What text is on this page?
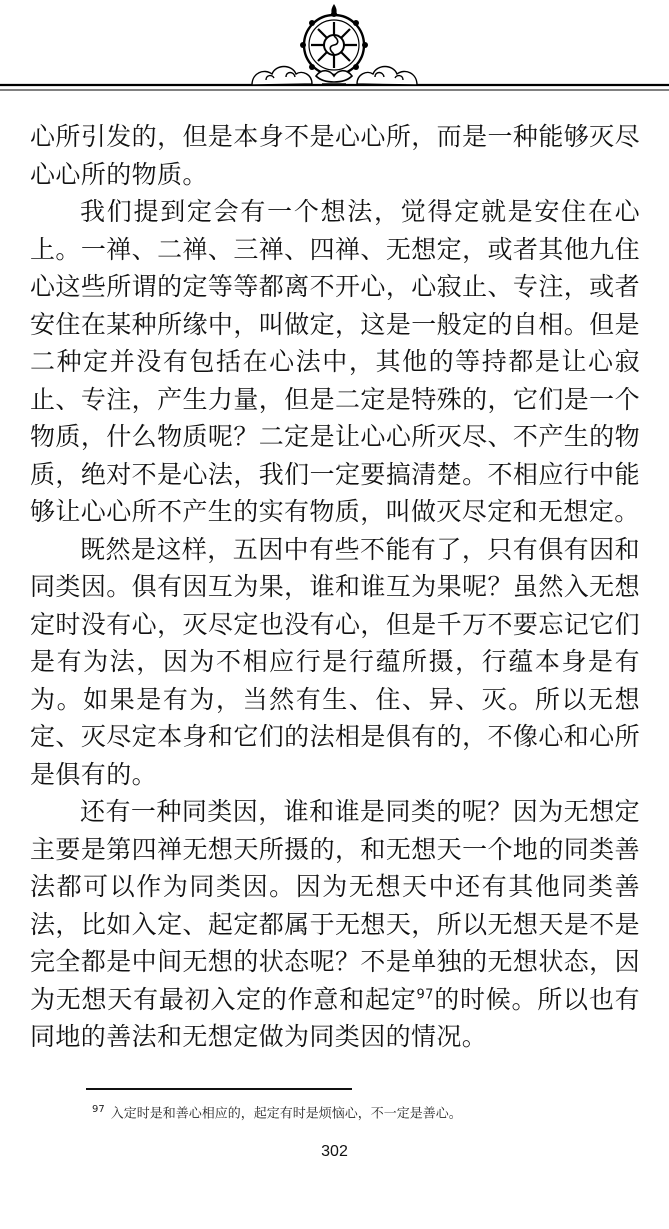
心所引发的，但是本身不是心心所，而是一种能够灭尽心心所的物质。

我们提到定会有一个想法，觉得定就是安住在心上。一禅、二禅、三禅、四禅、无想定，或者其他九住心这些所谓的定等等都离不开心，心寂止、专注，或者安住在某种所缘中，叫做定，这是一般定的自相。但是二种定并没有包括在心法中，其他的等持都是让心寂止、专注，产生力量，但是二定是特殊的，它们是一个物质，什么物质呢？二定是让心心所灭尽、不产生的物质，绝对不是心法，我们一定要搞清楚。不相应行中能够让心心所不产生的实有物质，叫做灭尽定和无想定。

既然是这样，五因中有些不能有了，只有俱有因和同类因。俱有因互为果，谁和谁互为果呢？虽然入无想定时没有心，灭尽定也没有心，但是千万不要忘记它们是有为法，因为不相应行是行蕴所摄，行蕴本身是有为。如果是有为，当然有生、住、异、灭。所以无想定、灭尽定本身和它们的法相是俱有的，不像心和心所是俱有的。

还有一种同类因，谁和谁是同类的呢？因为无想定主要是第四禅无想天所摄的，和无想天一个地的同类善法都可以作为同类因。因为无想天中还有其他同类善法，比如入定、起定都属于无想天，所以无想天是不是完全都是中间无想的状态呢？不是单独的无想状态，因为无想天有最初入定的作意和起定$^{97}$的时候。所以也有同地的善法和无想定做为同类因的情况。

$^{97}$ 入定时是和善心相应的，起定有时是烦恼心，不一定是善心。
302
